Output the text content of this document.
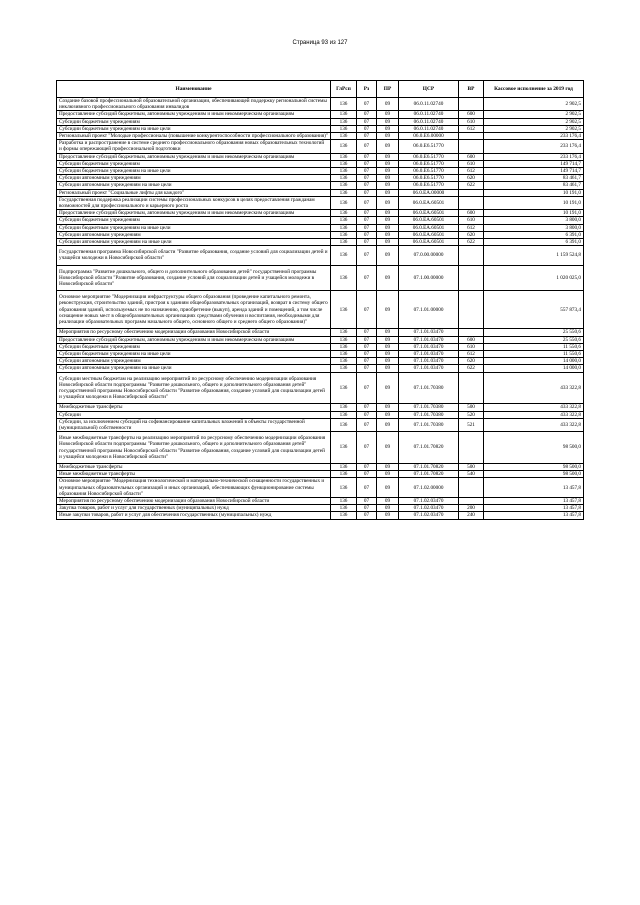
Страница 93 из 127
Наименование	ГлРсп	Рз	ПР	ЦСР	ВР	Кассовое исполнение за 2019 год
Создание базовой профессиональной образовательной организации, обеспечивающей поддержку региональной системы инклюзивного профессионального образования инвалидов	136	07	09	06.0.11.02740		2 902,5
Предоставление субсидий бюджетным, автономным учреждениям и иным некоммерческим организациям	136	07	09	06.0.11.02740	600	2 902,5
Субсидии бюджетным учреждениям	136	07	09	06.0.11.02740	610	2 902,5
Субсидии бюджетным учреждениям на иные цели	136	07	09	06.0.11.02740	612	2 902,5
Региональный проект "Молодые профессионалы (повышение конкурентоспособности профессионального образования)"	136	07	09	06.0.E6.00000		233 176,4
Разработка и распространение в системе среднего профессионального образования новых образовательных технологий и формы опережающей профессиональной подготовки	136	07	09	06.0.E6.51770		233 176,4
Предоставление субсидий бюджетным, автономным учреждениям и иным некоммерческим организациям	136	07	09	06.0.E6.51770	600	233 176,4
Субсидии бюджетным учреждениям	136	07	09	06.0.E6.51770	610	149 714,7
Субсидии бюджетным учреждениям на иные цели	136	07	09	06.0.E6.51770	612	149 714,7
Субсидии автономным учреждениям	136	07	09	06.0.E6.51770	620	83 461,7
Субсидии автономным учреждениям на иные цели	136	07	09	06.0.E6.51770	622	83 461,7
Региональный проект "Социальные лифты для каждого"	136	07	09	06.0.EA.00000		10 191,0
Государственная поддержка реализации системы профессиональных конкурсов в целях предоставления гражданам возможностей для профессионального и карьерного роста	136	07	09	06.0.EA.60501		10 191,0
Предоставление субсидий бюджетным, автономным учреждениям и иным некоммерческим организациям	136	07	09	06.0.EA.60501	600	10 191,0
Субсидии бюджетным учреждениям	136	07	09	06.0.EA.60501	610	3 800,0
Субсидии бюджетным учреждениям на иные цели	136	07	09	06.0.EA.60501	612	3 800,0
Субсидии автономным учреждениям	136	07	09	06.0.EA.60501	620	6 391,0
Субсидии автономным учреждениям на иные цели	136	07	09	06.0.EA.60501	622	6 391,0
Государственная программа Новосибирской области "Развитие образования, создание условий для социализации детей и учащейся молодежи в Новосибирской области"	136	07	09	07.0.00.00000		1 159 524,8
Подпрограмма "Развитие дошкольного, общего и дополнительного образования детей" государственной программы Новосибирской области "Развитие образования, создание условий для социализации детей и учащейся молодежи в Новосибирской области"	136	07	09	07.1.00.00000		1 020 025,0
Основное мероприятие "Модернизация инфраструктуры общего образования (проведение капитального ремонта, реконструкция, строительство зданий, пристроя к зданиям общеобразовательных организаций, возврат в систему общего образования зданий, используемых не по назначению, приобретение (выкуп), аренда зданий и помещений, а том числе оснащение новых мест в общеобразовательных организациях средствами обучения и воспитания, необходимыми для реализации образовательных программ начального общего, основного общего и среднего общего образования)"	136	07	09	07.1.01.00000		557 873,4
Мероприятия по ресурсному обеспечению модернизации образования Новосибирской области	136	07	09	07.1.01.03470		25 550,6
Предоставление субсидий бюджетным, автономным учреждениям и иным некоммерческим организациям	136	07	09	07.1.01.03470	600	25 550,6
Субсидии бюджетным учреждениям	136	07	09	07.1.01.03470	610	11 550,6
Субсидии бюджетным учреждениям на иные цели	136	07	09	07.1.01.03470	612	11 550,6
Субсидии автономным учреждениям	136	07	09	07.1.01.03470	620	14 000,0
Субсидии автономным учреждениям на иные цели	136	07	09	07.1.01.03470	622	14 000,0
Субсидии местным бюджетам на реализацию мероприятий по ресурсному обеспечению модернизации образования Новосибирской области подпрограммы "Развитие дошкольного, общего и дополнительного образования детей" государственной программы Новосибирской области "Развитие образования, создание условий для социализации детей и учащейся молодежи в Новосибирской области"	136	07	09	07.1.01.70380		433 322,8
Межбюджетные трансферты	136	07	09	07.1.01.70380	500	433 322,8
Субсидии	136	07	09	07.1.01.70380	520	433 322,8
Субсидии, за исключением субсидий на софинансирование капитальных вложений в объекты государственной (муниципальной) собственности	136	07	09	07.1.01.70380	521	433 322,8
Иные межбюджетные трансферты на реализацию мероприятий по ресурсному обеспечению модернизации образования Новосибирской области подпрограммы "Развитие дошкольного, общего и дополнительного образования детей" государственной программы Новосибирской области "Развитие образования, создание условий для социализации детей и учащейся молодежи в Новосибирской области"	136	07	09	07.1.01.70820		98 500,0
Межбюджетные трансферты	136	07	09	07.1.01.70820	500	98 500,0
Иные межбюджетные трансферты	136	07	09	07.1.01.70820	540	98 500,0
Основное мероприятие "Модернизация технологической и материально-технической оснащенности государственных и муниципальных образовательных организаций и иных организаций, обеспечивающих функционирование системы образования Новосибирской области"	136	07	09	07.1.02.00000		13 457,8
Мероприятия по ресурсному обеспечению модернизации образования Новосибирской области	136	07	09	07.1.02.03470		13 457,8
Закупка товаров, работ и услуг для государственных (муниципальных) нужд	136	07	09	07.1.02.03470	200	13 457,8
Иные закупки товаров, работ и услуг для обеспечения государственных (муниципальных) нужд	136	07	09	07.1.02.03470	240	13 457,8
